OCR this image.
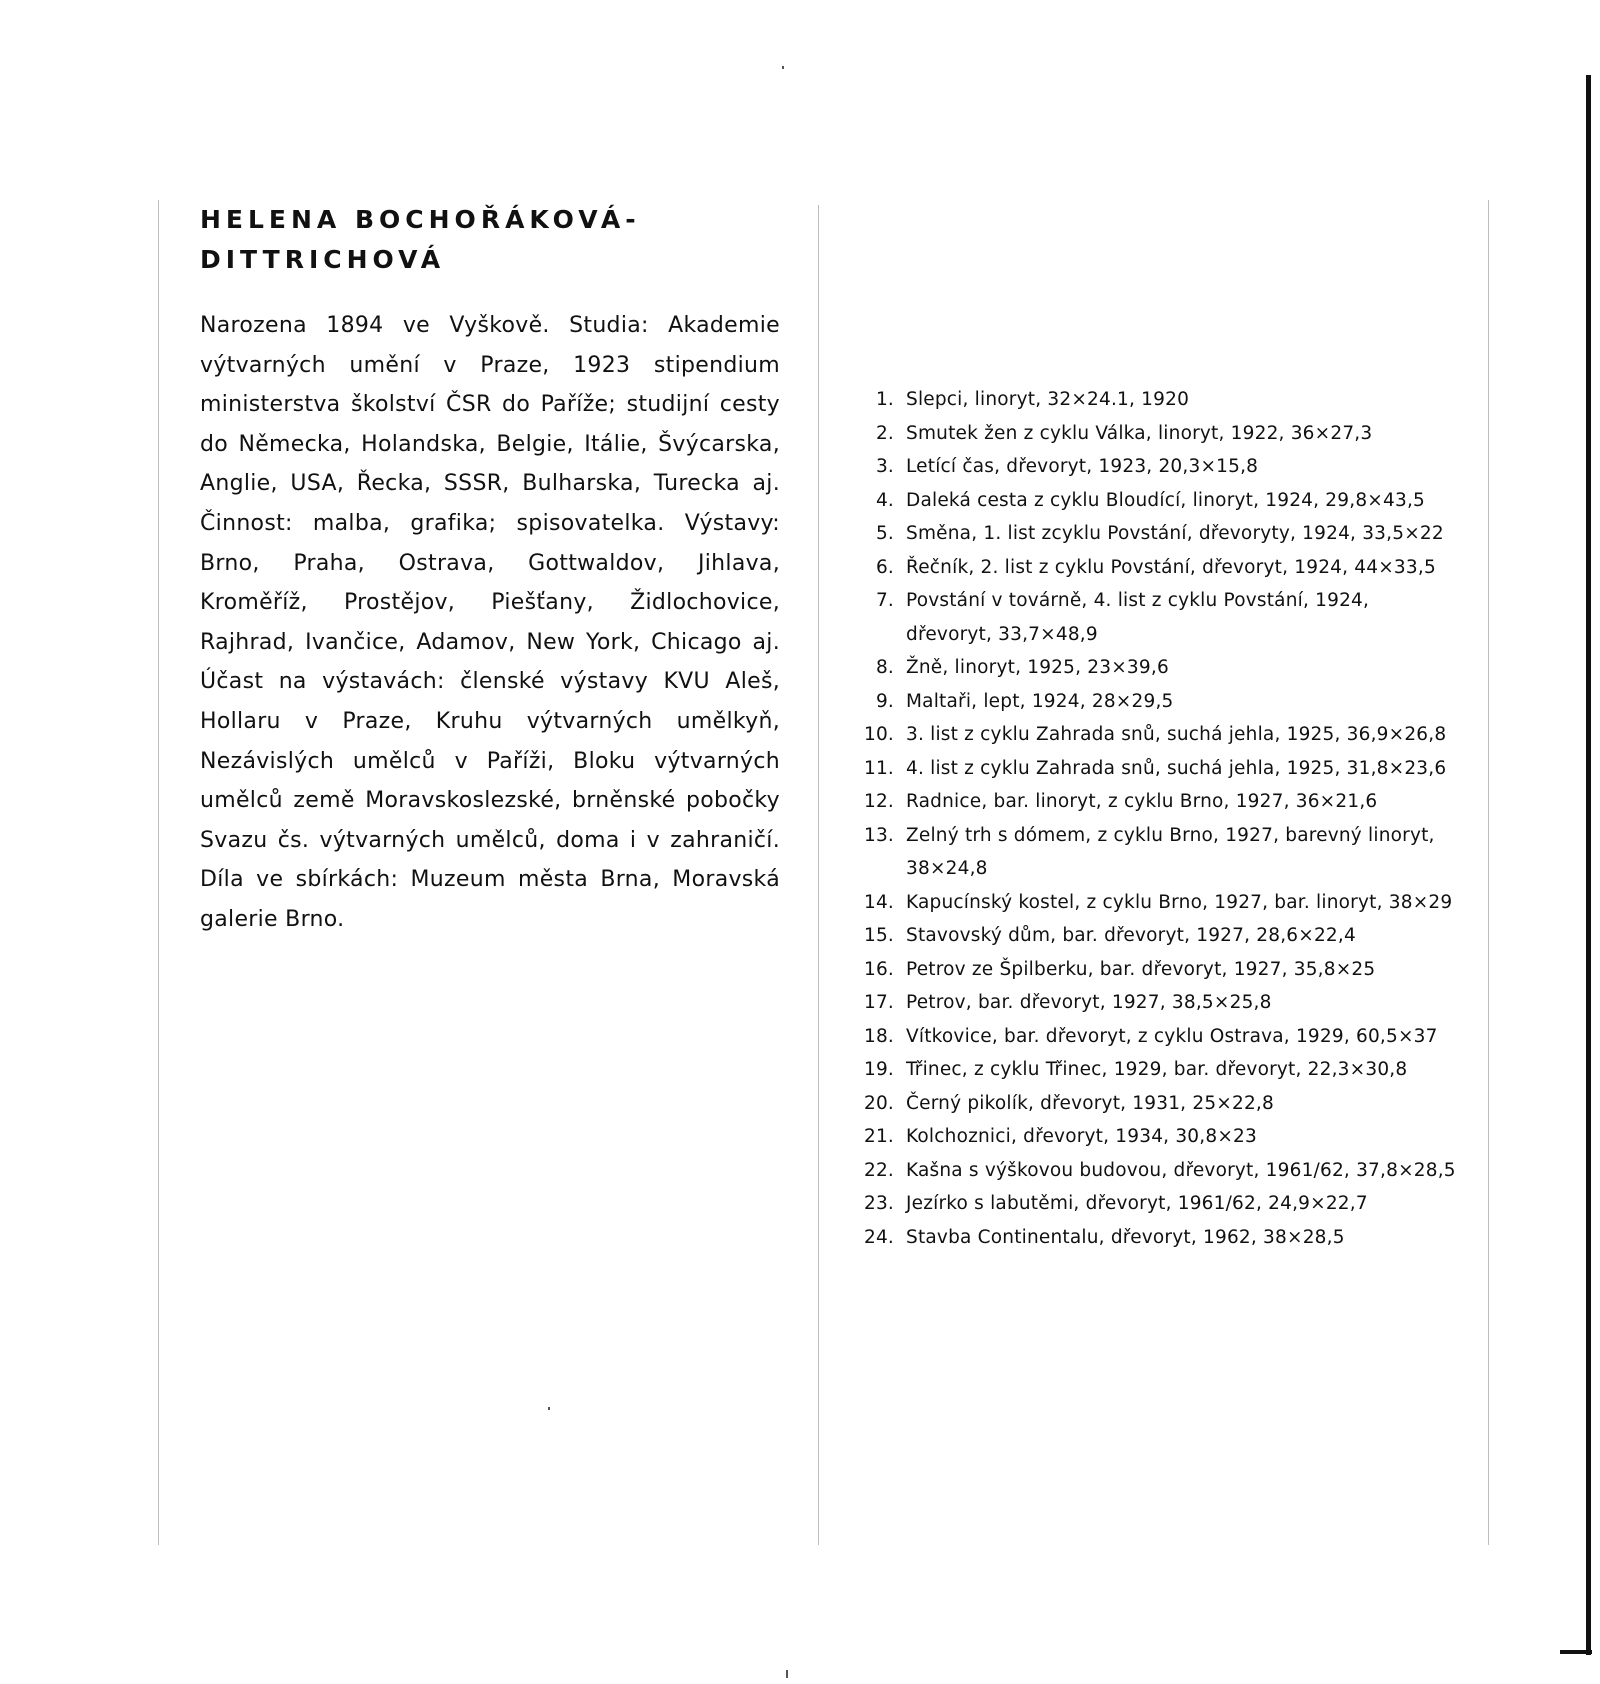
HELENA BOCHOŘÁKOVÁ-
DITTRICHOVÁ

Narozena 1894 ve Vyškově. Studia: Akademie výtvarných umění v Praze, 1923 stipendium ministerstva školství ČSR do Paříže; studijní cesty do Německa, Holandska, Belgie, Itálie, Švýcarska, Anglie, USA, Řecka, SSSR, Bulharska, Turecka aj. Činnost: malba, grafika; spisovatelka. Výstavy: Brno, Praha, Ostrava, Gottwaldov, Jihlava, Kroměříž, Prostějov, Piešťany, Židlochovice, Rajhrad, Ivančice, Adamov, New York, Chicago aj. Účast na výstavách: členské výstavy KVU Aleš, Hollaru v Praze, Kruhu výtvarných umělkyň, Nezávislých umělců v Paříži, Bloku výtvarných umělců země Moravskoslezské, brněnské pobočky Svazu čs. výtvarných umělců, doma i v zahraničí. Díla ve sbírkách: Muzeum města Brna, Moravská galerie Brno.

1. Slepci, linoryt, 32×24.1, 1920
2. Smutek žen z cyklu Válka, linoryt, 1922, 36×27,3
3. Letící čas, dřevoryt, 1923, 20,3×15,8
4. Daleká cesta z cyklu Bloudící, linoryt, 1924, 29,8×43,5
5. Směna, 1. list zcyklu Povstání, dřevoryty, 1924, 33,5×22
6. Řečník, 2. list z cyklu Povstání, dřevoryt, 1924, 44×33,5
7. Povstání v továrně, 4. list z cyklu Povstání, 1924, dřevoryt, 33,7×48,9
8. Žně, linoryt, 1925, 23×39,6
9. Maltaři, lept, 1924, 28×29,5
10. 3. list z cyklu Zahrada snů, suchá jehla, 1925, 36,9×26,8
11. 4. list z cyklu Zahrada snů, suchá jehla, 1925, 31,8×23,6
12. Radnice, bar. linoryt, z cyklu Brno, 1927, 36×21,6
13. Zelný trh s dómem, z cyklu Brno, 1927, barevný linoryt, 38×24,8
14. Kapucínský kostel, z cyklu Brno, 1927, bar. linoryt, 38×29
15. Stavovský dům, bar. dřevoryt, 1927, 28,6×22,4
16. Petrov ze Špilberku, bar. dřevoryt, 1927, 35,8×25
17. Petrov, bar. dřevoryt, 1927, 38,5×25,8
18. Vítkovice, bar. dřevoryt, z cyklu Ostrava, 1929, 60,5×37
19. Třinec, z cyklu Třinec, 1929, bar. dřevoryt, 22,3×30,8
20. Černý pikolík, dřevoryt, 1931, 25×22,8
21. Kolchoznici, dřevoryt, 1934, 30,8×23
22. Kašna s výškovou budovou, dřevoryt, 1961/62, 37,8×28,5
23. Jezírko s labutěmi, dřevoryt, 1961/62, 24,9×22,7
24. Stavba Continentalu, dřevoryt, 1962, 38×28,5
